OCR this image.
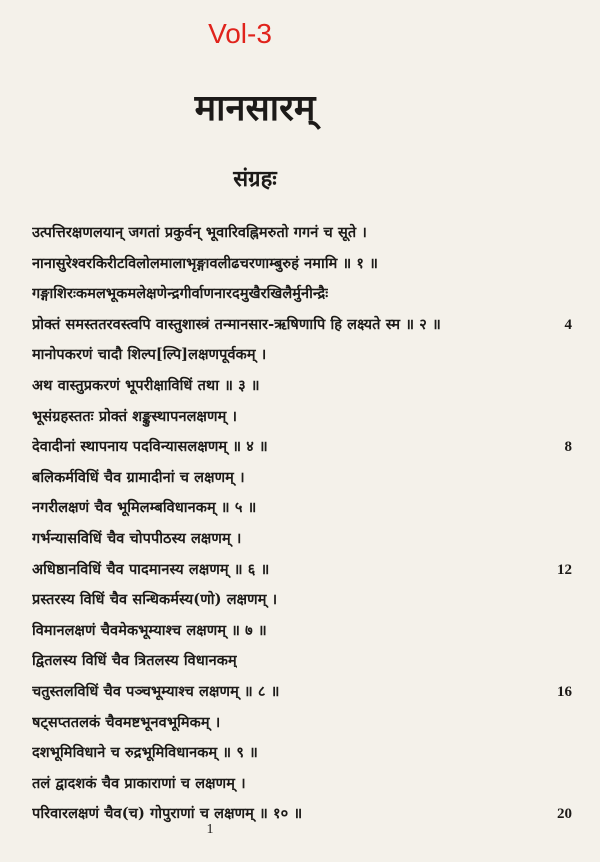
Vol-3
मानसारम्
संग्रहः
उत्पत्तिरक्षणलयान् जगतां प्रकुर्वन् भूवारिवह्निमरुतो गगनं च सूते ।
नानासुरेश्वरकिरीटविलोलमालाभृङ्गावलीढचरणाम्बुरुहं नमामि ॥ १ ॥
गङ्गाशिरःकमलभूकमलेक्षणेन्द्रगीर्वाणनारदमुखैरखिलैर्मुनीन्द्रैः
प्रोक्तं समस्ततरवस्त्वपि वास्तुशास्त्रं तन्मानसार-ऋषिणापि हि लक्ष्यते स्म ॥ २ ॥	4
मानोपकरणं चादौ शिल्प[ल्पि]लक्षणपूर्वकम् ।
अथ वास्तुप्रकरणं भूपरीक्षाविधिं तथा ॥ ३ ॥
भूसंग्रहस्ततः प्रोक्तं शङ्कुस्थापनलक्षणम् ।
देवादीनां स्थापनाय पदविन्यासलक्षणम् ॥ ४ ॥	8
बलिकर्मविधिं चैव ग्रामादीनां च लक्षणम् ।
नगरीलक्षणं चैव भूमिलम्बविधानकम् ॥ ५ ॥
गर्भन्यासविधिं चैव चोपपीठस्य लक्षणम् ।
अधिष्ठानविधिं चैव पादमानस्य लक्षणम् ॥ ६ ॥	12
प्रस्तरस्य विधिं चैव सन्धिकर्मस्य(णो) लक्षणम् ।
विमानलक्षणं चैवमेकभूम्याश्च लक्षणम् ॥ ७ ॥
द्वितलस्य विधिं चैव त्रितलस्य विधानकम्
चतुस्तलविधिं चैव पञ्चभूम्याश्च लक्षणम् ॥ ८ ॥	16
षट्सप्ततलकं चैवमष्टभूनवभूमिकम् ।
दशभूमिविधाने च रुद्रभूमिविधानकम् ॥ ९ ॥
तलं द्वादशकं चैव प्राकाराणां च लक्षणम् ।
परिवारलक्षणं चैव(च) गोपुराणां च लक्षणम् ॥ १० ॥	20
1
